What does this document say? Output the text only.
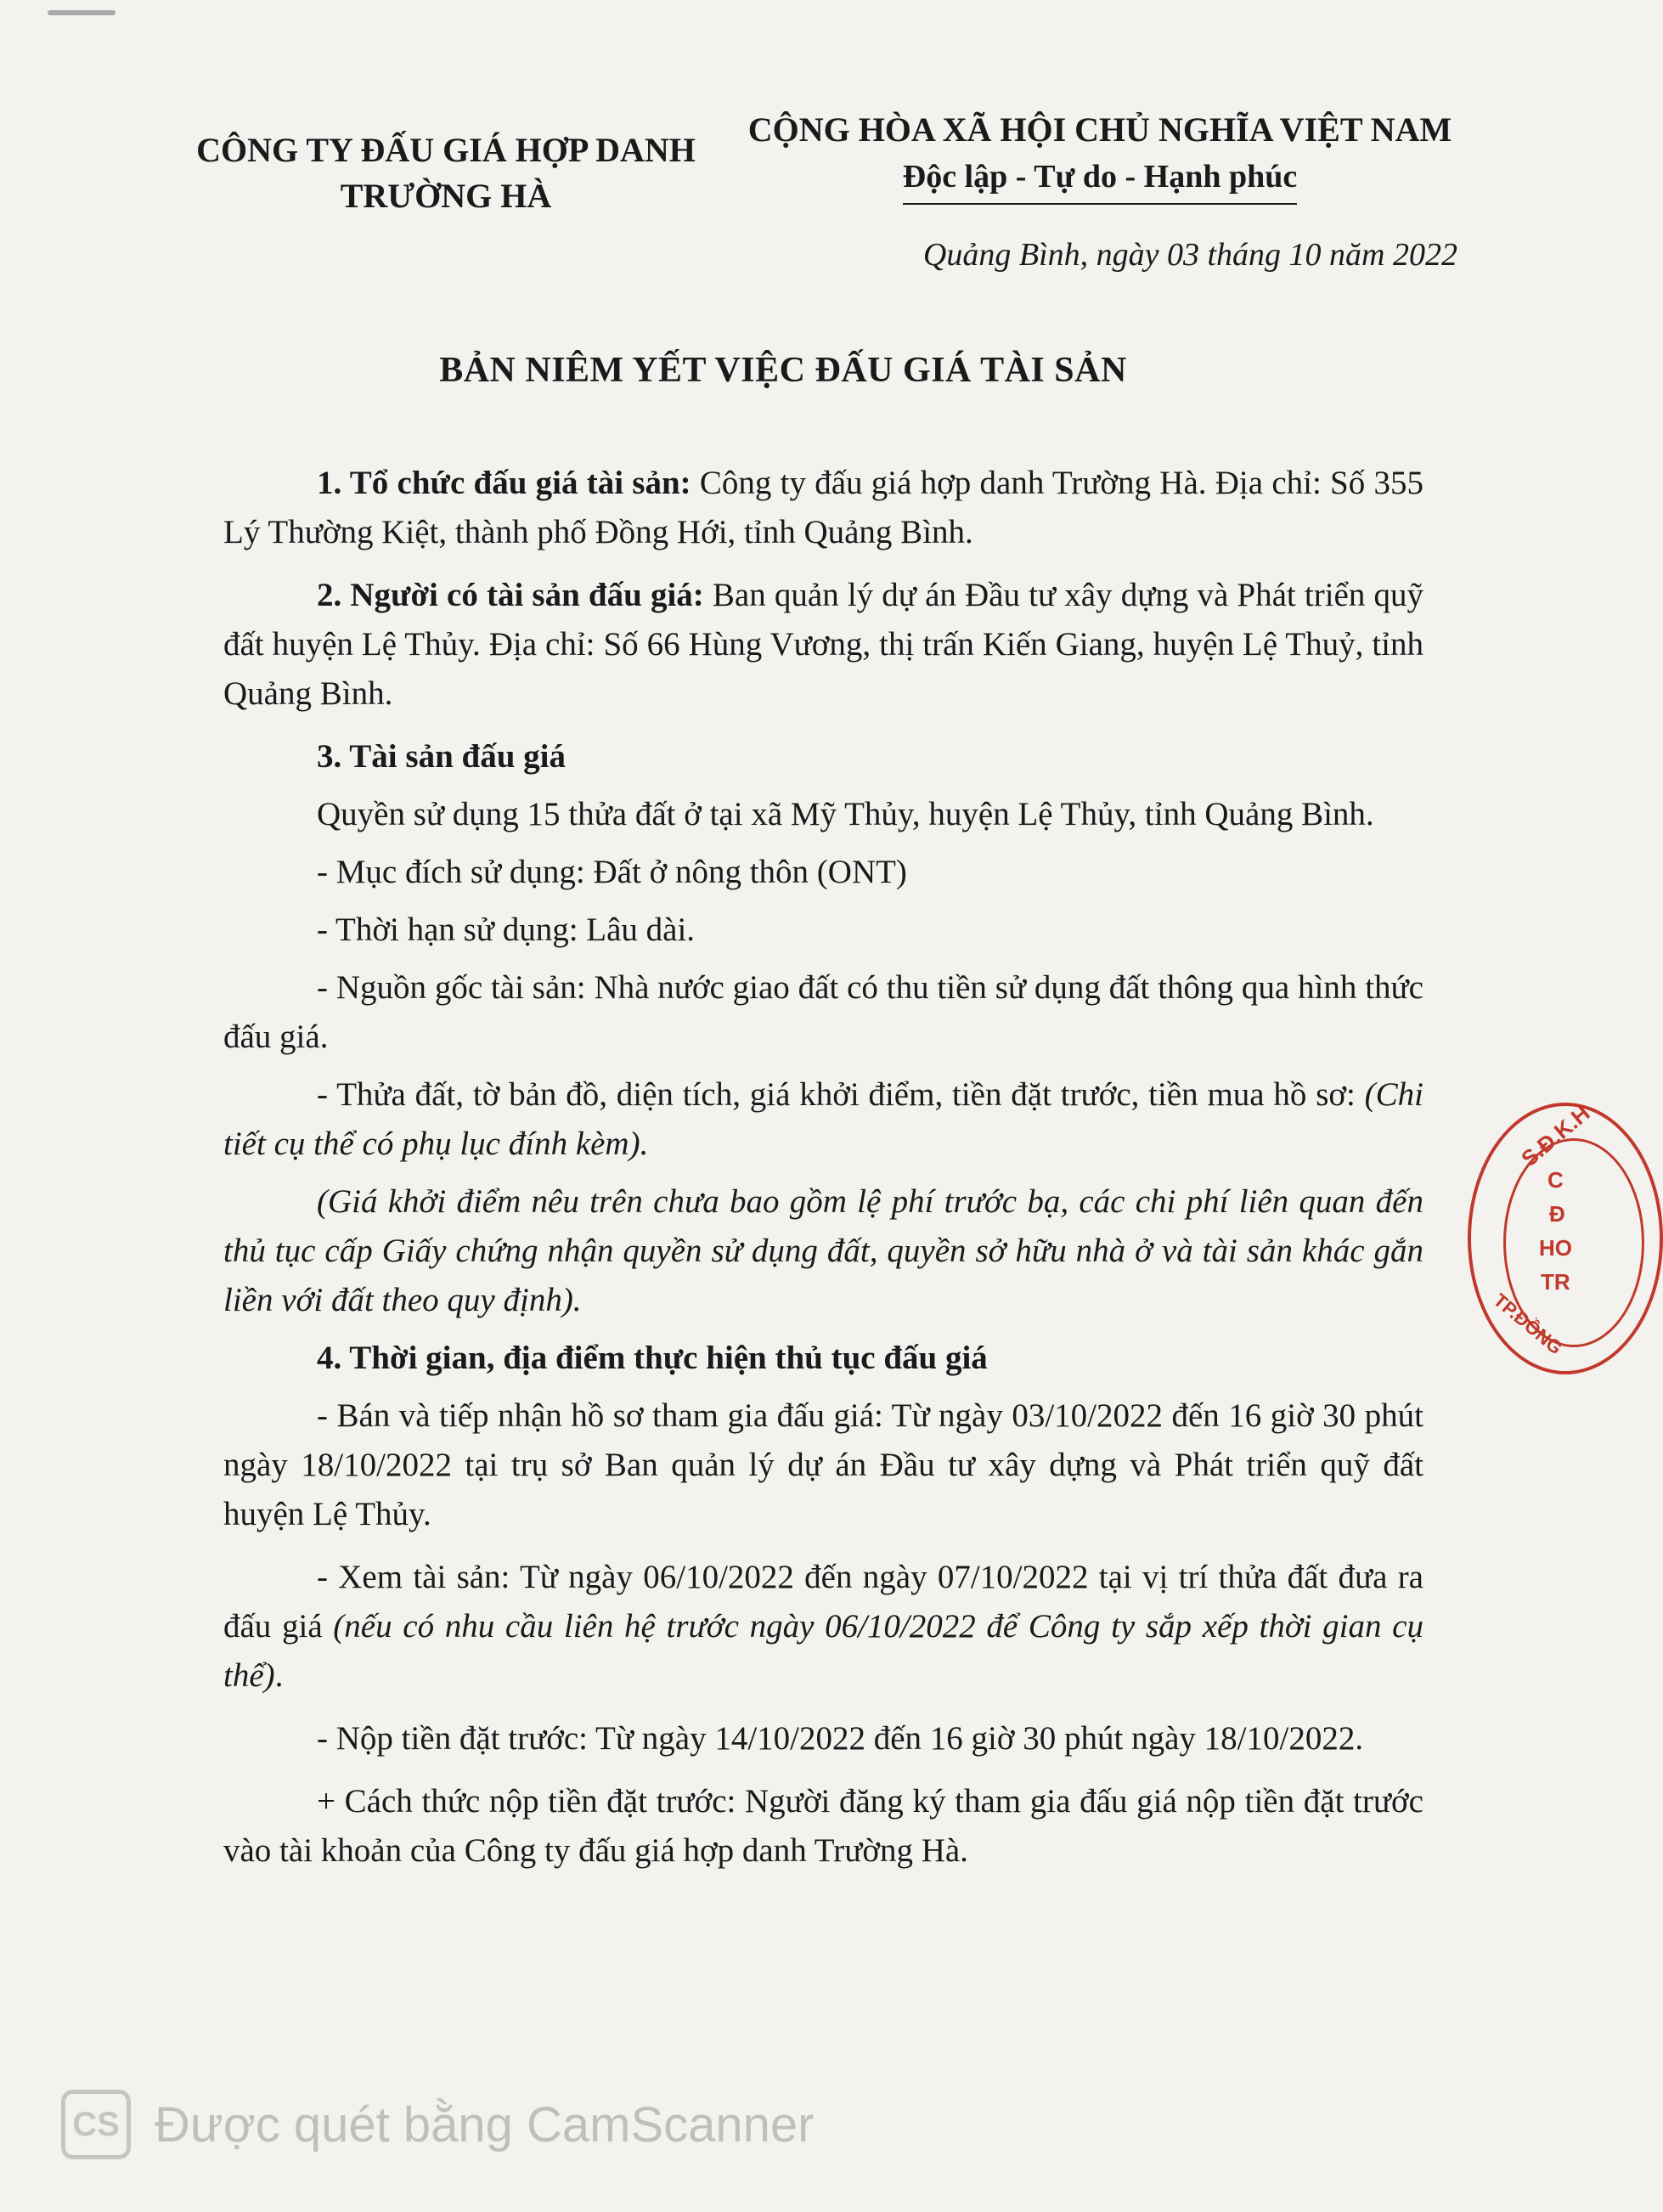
CÔNG TY ĐẤU GIÁ HỢP DANH
TRƯỜNG HÀ
CỘNG HÒA XÃ HỘI CHỦ NGHĨA VIỆT NAM
Độc lập - Tự do - Hạnh phúc
Quảng Bình, ngày 03 tháng 10 năm 2022
BẢN NIÊM YẾT VIỆC ĐẤU GIÁ TÀI SẢN

1. Tổ chức đấu giá tài sản: Công ty đấu giá hợp danh Trường Hà. Địa chỉ: Số 355 Lý Thường Kiệt, thành phố Đồng Hới, tỉnh Quảng Bình.

2. Người có tài sản đấu giá: Ban quản lý dự án Đầu tư xây dựng và Phát triển quỹ đất huyện Lệ Thủy. Địa chỉ: Số 66 Hùng Vương, thị trấn Kiến Giang, huyện Lệ Thuỷ, tỉnh Quảng Bình.

3. Tài sản đấu giá

Quyền sử dụng 15 thửa đất ở tại xã Mỹ Thủy, huyện Lệ Thủy, tỉnh Quảng Bình.

- Mục đích sử dụng: Đất ở nông thôn (ONT)

- Thời hạn sử dụng: Lâu dài.

- Nguồn gốc tài sản: Nhà nước giao đất có thu tiền sử dụng đất thông qua hình thức đấu giá.

- Thửa đất, tờ bản đồ, diện tích, giá khởi điểm, tiền đặt trước, tiền mua hồ sơ: (Chi tiết cụ thể có phụ lục đính kèm).

(Giá khởi điểm nêu trên chưa bao gồm lệ phí trước bạ, các chi phí liên quan đến thủ tục cấp Giấy chứng nhận quyền sử dụng đất, quyền sở hữu nhà ở và tài sản khác gắn liền với đất theo quy định).

4. Thời gian, địa điểm thực hiện thủ tục đấu giá

- Bán và tiếp nhận hồ sơ tham gia đấu giá: Từ ngày 03/10/2022 đến 16 giờ 30 phút ngày 18/10/2022 tại trụ sở Ban quản lý dự án Đầu tư xây dựng và Phát triển quỹ đất huyện Lệ Thủy.

- Xem tài sản: Từ ngày 06/10/2022 đến ngày 07/10/2022 tại vị trí thửa đất đưa ra đấu giá (nếu có nhu cầu liên hệ trước ngày 06/10/2022 để Công ty sắp xếp thời gian cụ thể).

- Nộp tiền đặt trước: Từ ngày 14/10/2022 đến 16 giờ 30 phút ngày 18/10/2022.

+ Cách thức nộp tiền đặt trước: Người đăng ký tham gia đấu giá nộp tiền đặt trước vào tài khoản của Công ty đấu giá hợp danh Trường Hà.

S.Đ.K.H
C
Đ
HO
TR
TP.ĐỒNG
CS Được quét bằng CamScanner
